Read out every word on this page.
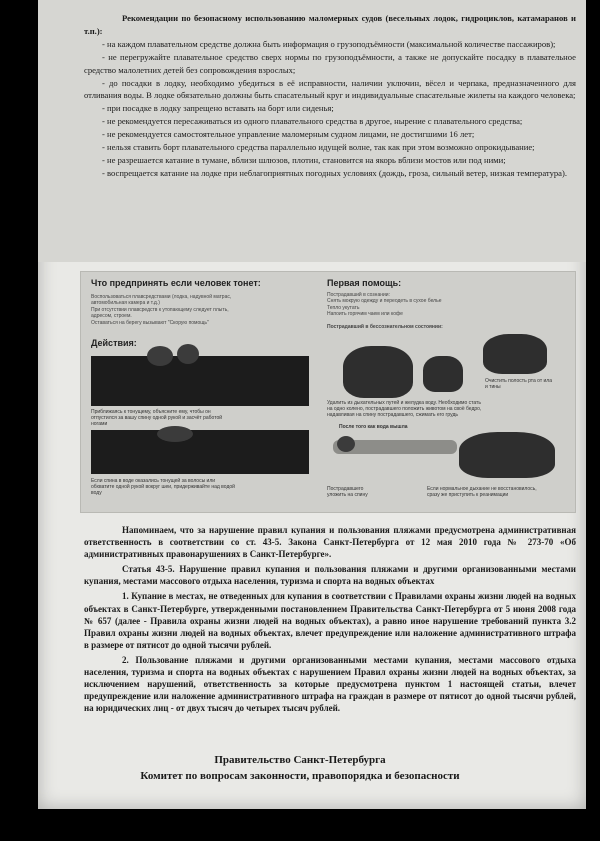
Рекомендации по безопасному использованию маломерных судов (весельных лодок, гидроциклов, катамаранов и т.п.):

- на каждом плавательном средстве должна быть информация о грузоподъёмности (максимальной количестве пассажиров);

- не перегружайте плавательное средство сверх нормы по грузоподъёмности, а также не допускайте посадку в плавательное средство малолетних детей без сопровождения взрослых;

- до посадки в лодку, необходимо убедиться в её исправности, наличии уключин, вёсел и черпака, предназначенного для отливания воды. В лодке обязательно должны быть спасательный круг и индивидуальные спасательные жилеты на каждого человека;

- при посадке в лодку запрещено вставать на борт или сиденья;

- не рекомендуется пересаживаться из одного плавательного средства в другое, нырение с плавательного средства;

- не рекомендуется самостоятельное управление маломерным судном лицами, не достигшими 16 лет;

- нельзя ставить борт плавательного средства параллельно идущей волне, так как при этом возможно опрокидывание;

- не разрешается катание в тумане, вблизи шлюзов, плотин, становится на якорь вблизи мостов или под ними;

- воспрещается катание на лодке при неблагоприятных погодных условиях (дождь, гроза, сильный ветер, низкая температура).

Что предпринять если человек тонет:
Воспользоваться плавсредствами (лодка, надувной матрас,
автомобильная камера и т.д.)
При отсутствии плавсредств к утопающему следует плыть,
адресом, строем.
Оставаться на берегу вызывают "Скорую помощь"
Действия:
Приближаясь к тонущему, объясните ему, чтобы он
отпустился за вашу спину одной рукой и засчёт работой
ногами
Если спина в воде оказались тонущей за волосы или
обхватите одной рукой вокруг шеи, придерживайте над водой
воду
Первая помощь:
Пострадавший в сознании:
Снять мокрую одежду и переодеть в сухое белье
Тепло укутать
Напоить горячим чаем или кофе
Пострадавший в бессознательном состоянии:
Очистить полость рта от ила
и тины
Удалить из дыхательных путей и желудка воду. Необходимо стать
на одно колено, пострадавшего положить животом на своё бедро,
надавливая на спину пострадавшего, сжимать его грудь
После того как вода вышла
Пострадавшего
уложить на спину
Если нормальное дыхание не восстановилось,
сразу же приступить к реанимации

Напоминаем, что за нарушение правил купания и пользования пляжами предусмотрена административная ответственность в соответствии со ст. 43-5. Закона Санкт-Петербурга от 12 мая 2010 года № 273-70 «Об административных правонарушениях в Санкт-Петербурге».

Статья 43-5. Нарушение правил купания и пользования пляжами и другими организованными местами купания, местами массового отдыха населения, туризма и спорта на водных объектах

1. Купание в местах, не отведенных для купания в соответствии с Правилами охраны жизни людей на водных объектах в Санкт-Петербурге, утвержденными постановлением Правительства Санкт-Петербурга от 5 июня 2008 года № 657 (далее - Правила охраны жизни людей на водных объектах), а равно иное нарушение требований пункта 3.2 Правил охраны жизни людей на водных объектах, влечет предупреждение или наложение административного штрафа в размере от пятисот до одной тысячи рублей.

2. Пользование пляжами и другими организованными местами купания, местами массового отдыха населения, туризма и спорта на водных объектах с нарушением Правил охраны жизни людей на водных объектах, за исключением нарушений, ответственность за которые предусмотрена пунктом 1 настоящей статьи, влечет предупреждение или наложение административного штрафа на граждан в размере от пятисот до одной тысячи рублей, на юридических лиц - от двух тысяч до четырех тысяч рублей.

Правительство Санкт-Петербурга
Комитет по вопросам законности, правопорядка и безопасности
